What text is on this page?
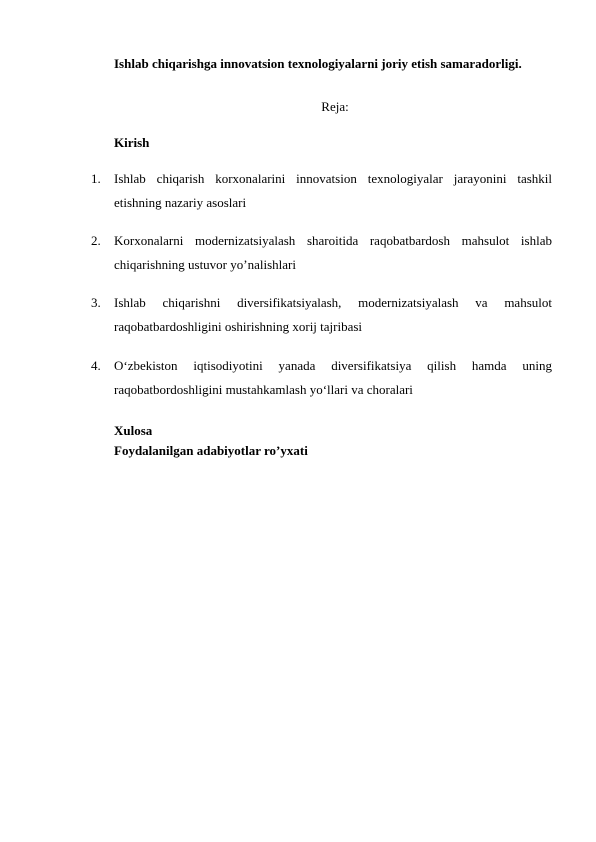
Ishlab chiqarishga innovatsion texnologiyalarni joriy etish samaradorligi.
Reja:
Kirish
1. Ishlab chiqarish korxonalarini innovatsion texnologiyalar jarayonini tashkil etishning nazariy asoslari
2. Korxonalarni modernizatsiyalash sharoitida raqobatbardosh mahsulot ishlab chiqarishning ustuvor yo’nalishlari
3. Ishlab chiqarishni diversifikatsiyalash, modernizatsiyalash va mahsulot raqobatbardoshligini oshirishning xorij tajribasi
4. O‘zbekiston iqtisodiyotini yanada diversifikatsiya qilish hamda uning raqobatbordoshligini mustahkamlash yo‘llari va choralari
Xulosa
Foydalanilgan adabiyotlar ro’yxati
